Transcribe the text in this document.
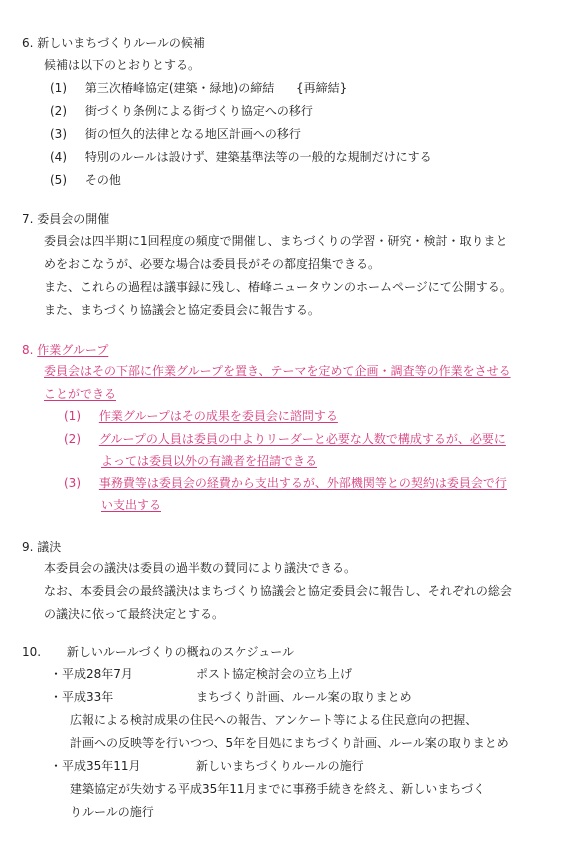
6. 新しいまちづくりルールの候補
候補は以下のとおりとする。
(1) 第三次椿峰協定(建築・緑地)の締結 {再締結}
(2) 街づくり条例による街づくり協定への移行
(3) 街の恒久的法律となる地区計画への移行
(4) 特別のルールは設けず、建築基準法等の一般的な規制だけにする
(5) その他
7. 委員会の開催
委員会は四半期に1回程度の頻度で開催し、まちづくりの学習・研究・検討・取りまと
めをおこなうが、必要な場合は委員長がその都度招集できる。
また、これらの過程は議事録に残し、椿峰ニュータウンのホームページにて公開する。
また、まちづくり協議会と協定委員会に報告する。
8. 作業グループ
委員会はその下部に作業グループを置き、テーマを定めて企画・調査等の作業をさせる
ことができる
(1) 作業グループはその成果を委員会に諮問する
(2) グループの人員は委員の中よりリーダーと必要な人数で構成するが、必要に
よっては委員以外の有識者を招請できる
(3) 事務費等は委員会の経費から支出するが、外部機関等との契約は委員会で行
い支出する
9. 議決
本委員会の議決は委員の過半数の賛同により議決できる。
なお、本委員会の最終議決はまちづくり協議会と協定委員会に報告し、それぞれの総会
の議決に依って最終決定とする。
10. 新しいルールづくりの概ねのスケジュール
・平成28年7月	ポスト協定検討会の立ち上げ
・平成33年	まちづくり計画、ルール案の取りまとめ
広報による検討成果の住民への報告、アンケート等による住民意向の把握、
計画への反映等を行いつつ、5年を目処にまちづくり計画、ルール案の取りまとめ
・平成35年11月	新しいまちづくりルールの施行
建築協定が失効する平成35年11月までに事務手続きを終え、新しいまちづく
りルールの施行
